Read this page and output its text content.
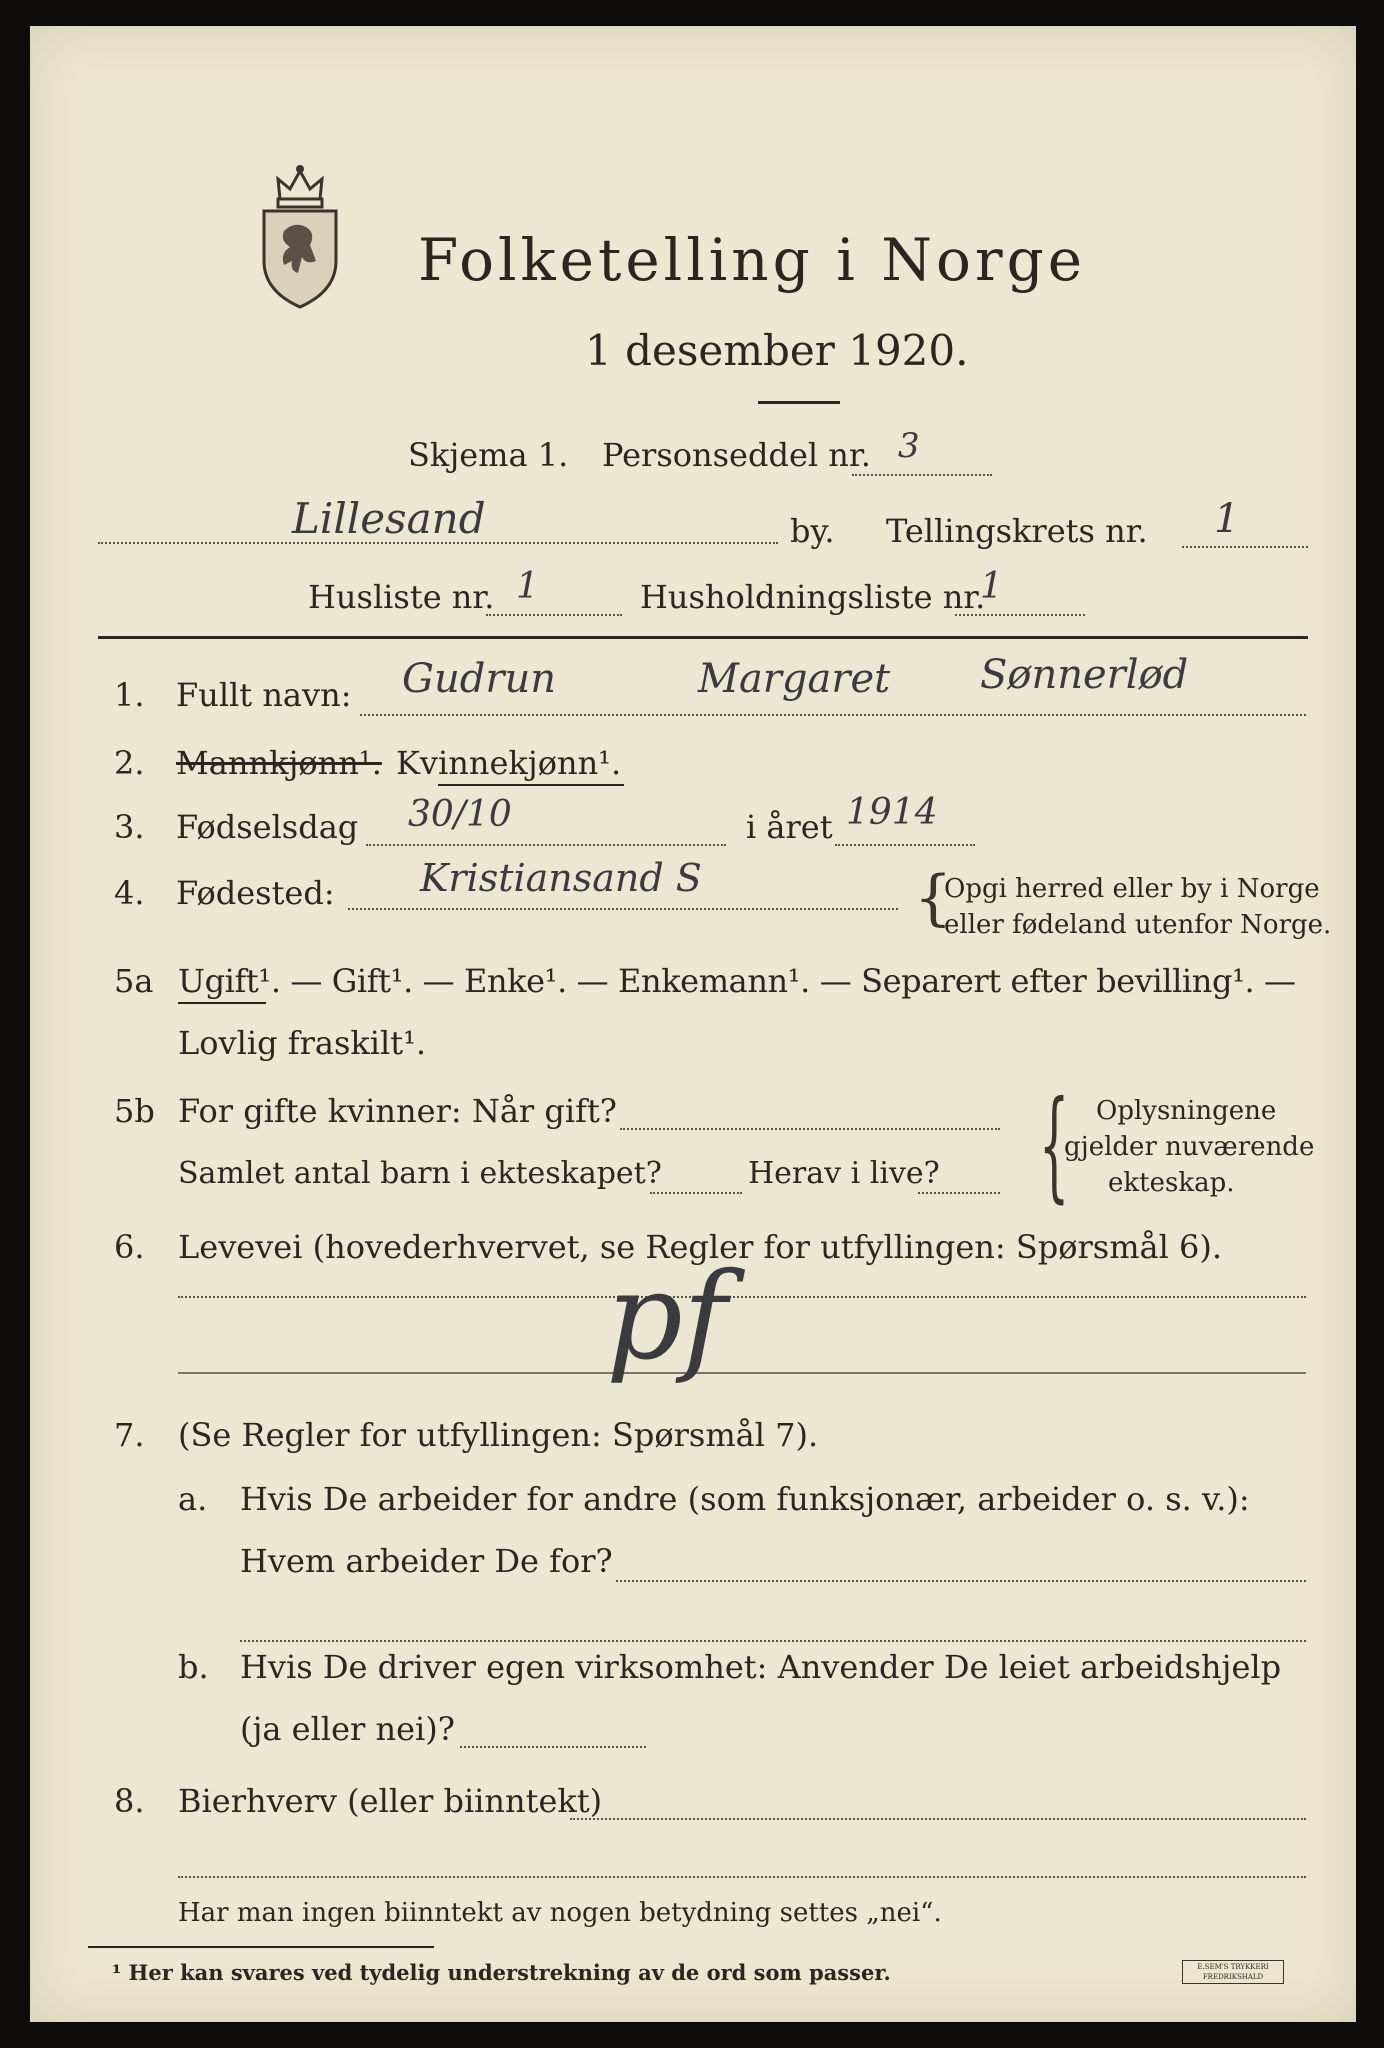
Folketelling i Norge
1 desember 1920.
Skjema 1. Personseddel nr. 3
Lillesand	by. Tellingskrets nr. 1
Husliste nr. 1	Husholdningsliste nr.
1
1. Fullt navn: Gudrun	Margaret Sønnerlød
2. Mannkjønn¹. Kvinnekjønn¹.
3. Fødselsdag 30/10	i året 1914
4. Fødested: Kristiansand S	{
Opgi herred eller by i Norge
eller fødeland utenfor Norge.
5a Ugift¹. — Gift¹. — Enke¹. — Enkemann¹. — Separert efter bevilling¹. —
Lovlig fraskilt¹.
5b For gifte kvinner: Når gift?
Samlet antal barn i ekteskapet?	Herav i live? { Oplysningene
gjelder nuværende
ekteskap.
6. Levevei (hovederhvervet, se Regler for utfyllingen: Spørsmål 6).
pf
7. (Se Regler for utfyllingen: Spørsmål 7).
a. Hvis De arbeider for andre (som funksjonær, arbeider o. s. v.):
Hvem arbeider De for?
b. Hvis De driver egen virksomhet: Anvender De leiet arbeidshjelp
(ja eller nei)?
8. Bierhverv (eller biinntekt)
Har man ingen biinntekt av nogen betydning settes „nei“.
¹ Her kan svares ved tydelig understrekning av de ord som passer.	E.SEM'S TRYKKERI FREDRIKSHALD
